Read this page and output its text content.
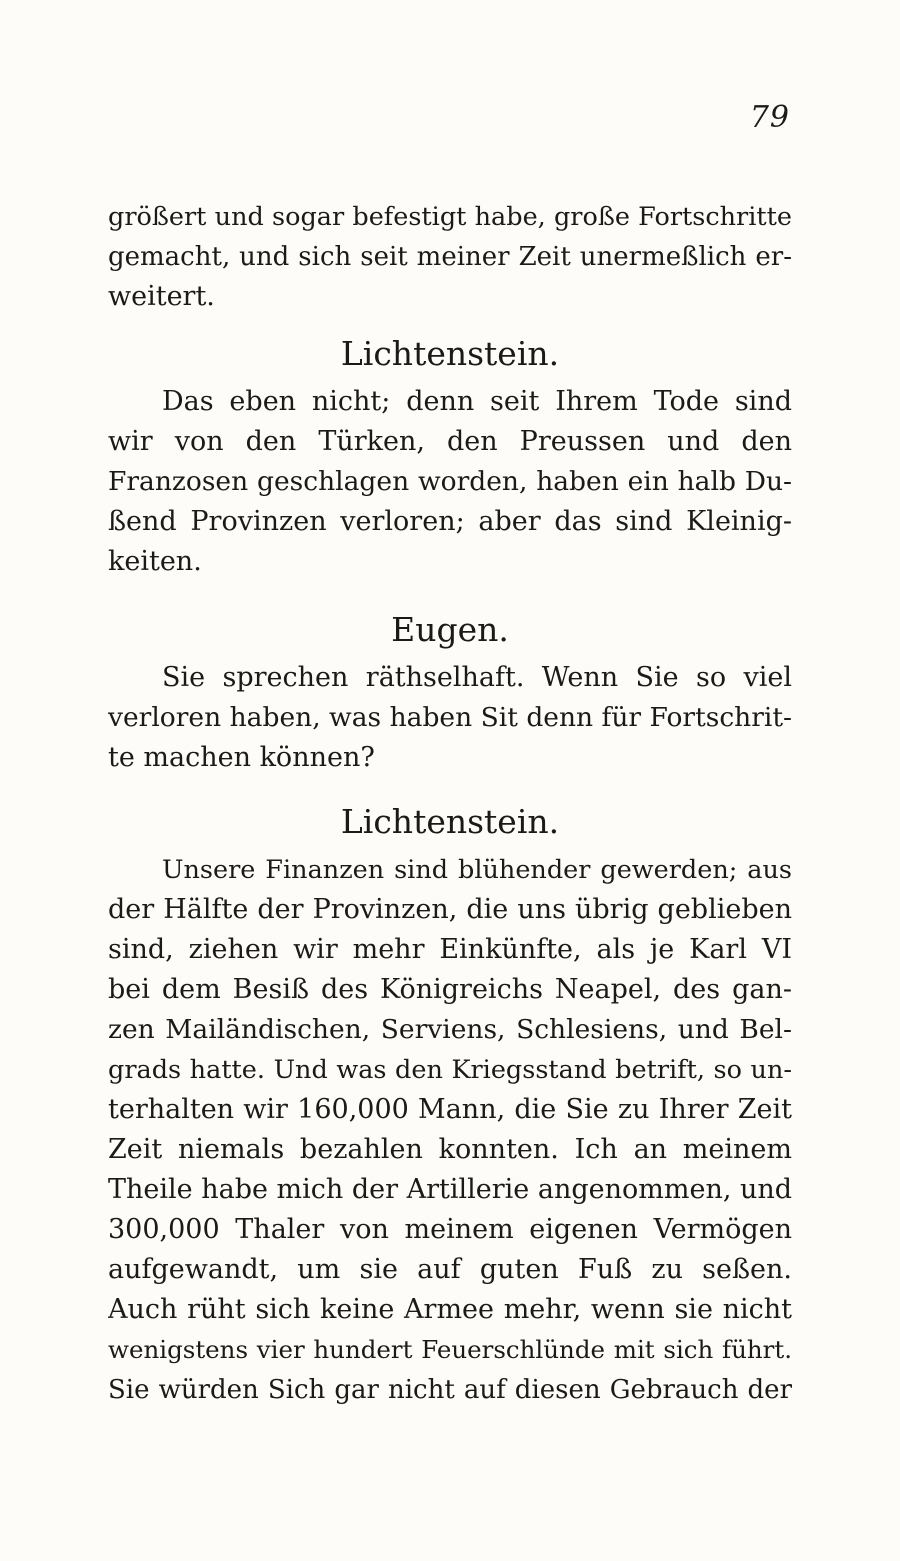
79
größert und sogar befestigt habe, große Fortschritte
gemacht, und sich seit meiner Zeit unermeßlich er-
weitert.
Lichtenstein.
Das eben nicht; denn seit Ihrem Tode sind
wir von den Türken, den Preussen und den
Franzosen geschlagen worden, haben ein halb Du-
ßend Provinzen verloren; aber das sind Kleinig-
keiten.
Eugen.
Sie sprechen räthselhaft. Wenn Sie so viel
verloren haben, was haben Sit denn für Fortschrit-
te machen können?
Lichtenstein.
Unsere Finanzen sind blühender gewerden; aus
der Hälfte der Provinzen, die uns übrig geblieben
sind, ziehen wir mehr Einkünfte, als je Karl VI
bei dem Besiß des Königreichs Neapel, des gan-
zen Mailändischen, Serviens, Schlesiens, und Bel-
grads hatte. Und was den Kriegsstand betrift, so un-
terhalten wir 160,000 Mann, die Sie zu Ihrer Zeit
Zeit niemals bezahlen konnten. Ich an meinem
Theile habe mich der Artillerie angenommen, und
300,000 Thaler von meinem eigenen Vermögen
aufgewandt, um sie auf guten Fuß zu seßen.
Auch rüht sich keine Armee mehr, wenn sie nicht
wenigstens vier hundert Feuerschlünde mit sich führt.
Sie würden Sich gar nicht auf diesen Gebrauch der
